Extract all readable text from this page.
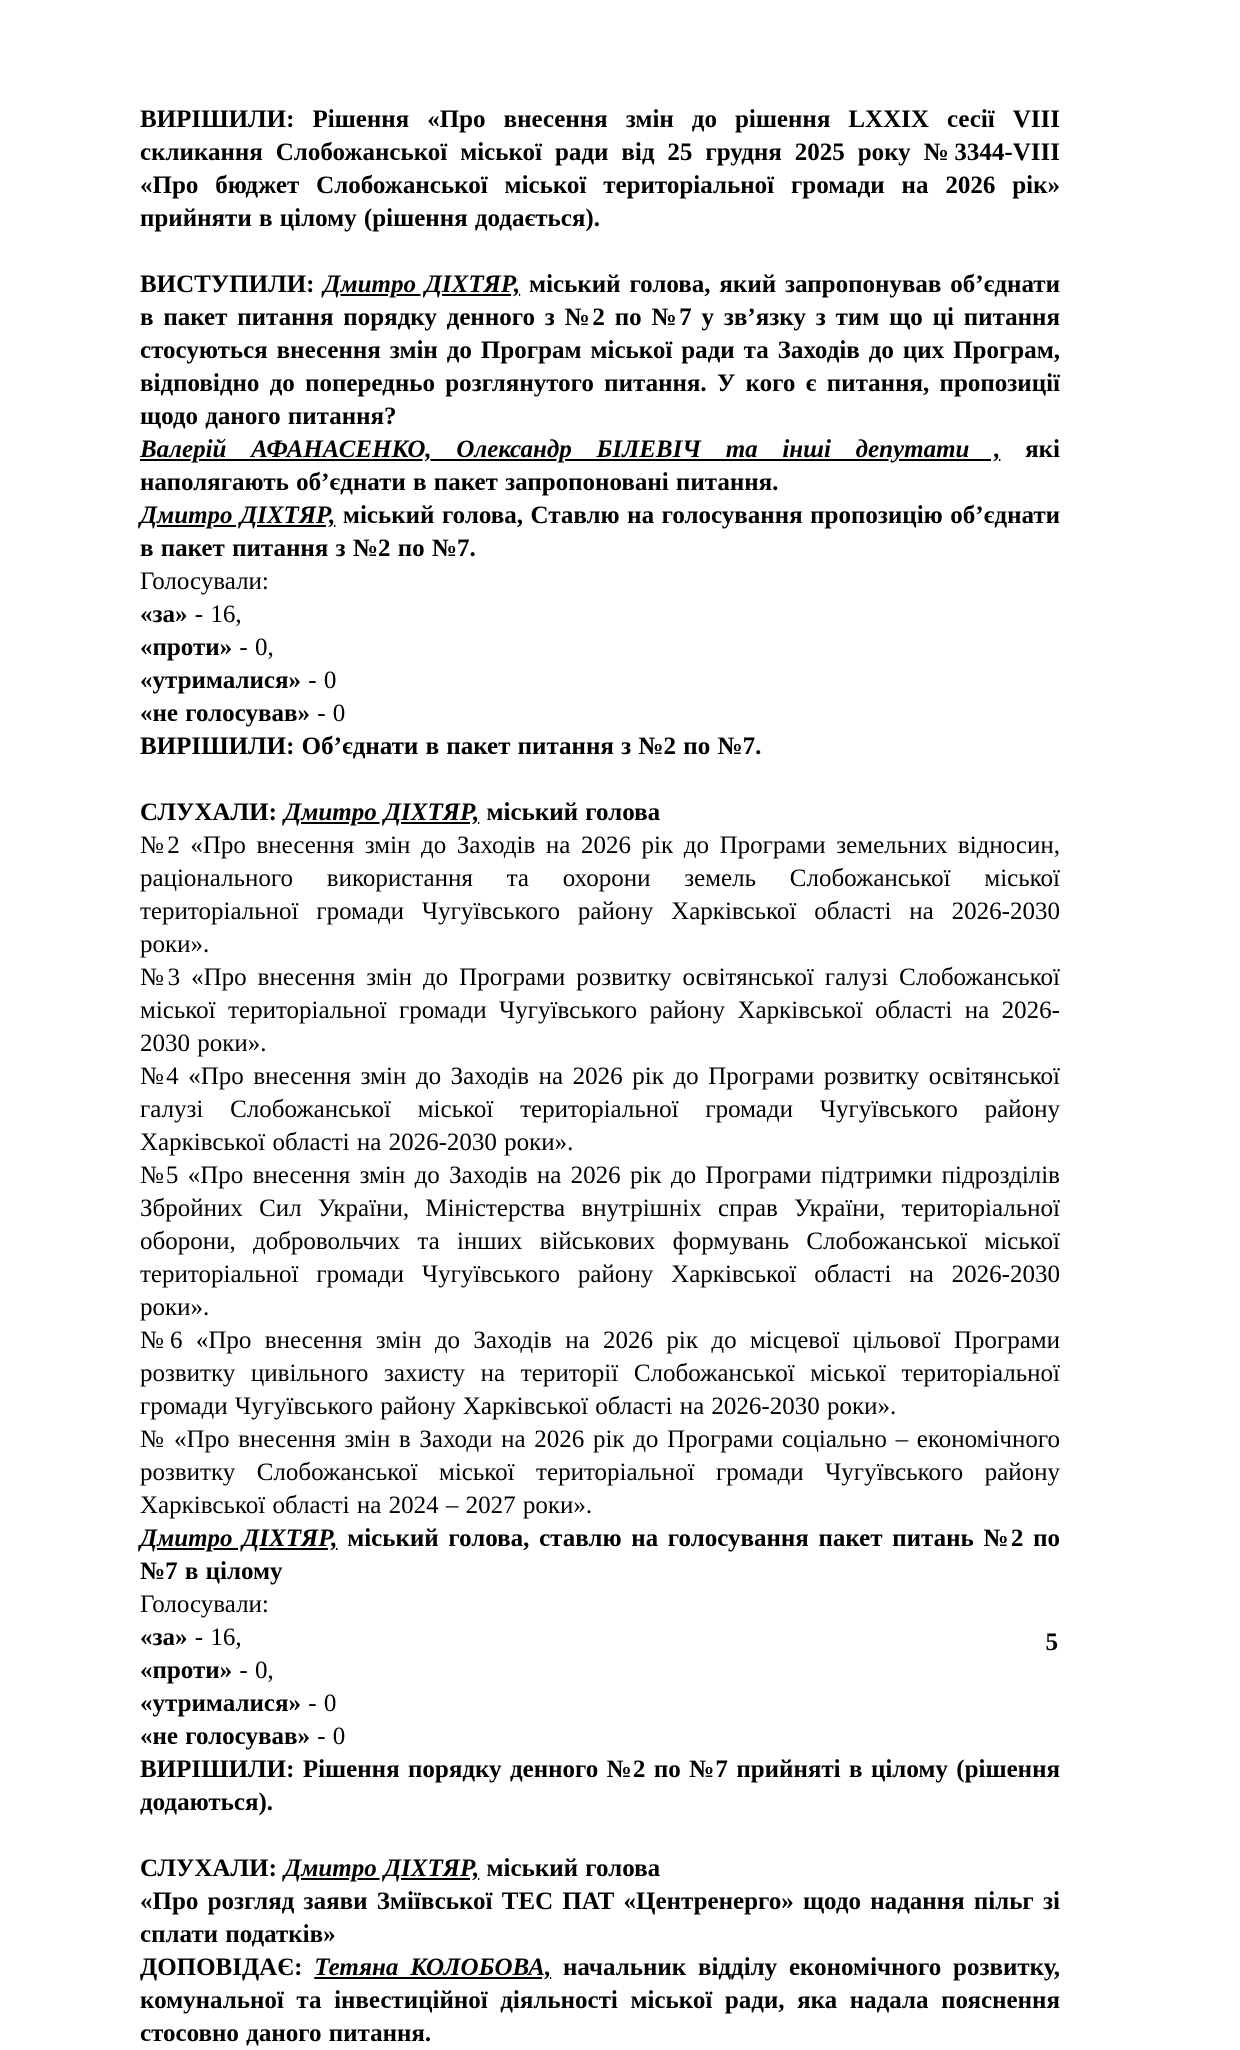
ВИРІШИЛИ: Рішення «Про внесення змін до рішення LXXIX сесії VIII скликання Слобожанської міської ради від 25 грудня 2025 року №3344-VIII «Про бюджет Слобожанської міської територіальної громади на 2026 рік» прийняти в цілому (рішення додається).

ВИСТУПИЛИ: Дмитро ДІХТЯР, міський голова, який запропонував об’єднати в пакет питання порядку денного з №2 по №7 у зв’язку з тим що ці питання стосуються внесення змін до Програм міської ради та Заходів до цих Програм, відповідно до попередньо розглянутого питання. У кого є питання, пропозиції щодо даного питання?

Валерій АФАНАСЕНКО, Олександр БІЛЕВІЧ та інші депутати , які наполягають об’єднати в пакет запропоновані питання.

Дмитро ДІХТЯР, міський голова, Ставлю на голосування пропозицію об’єднати в пакет питання з №2 по №7.

Голосували:

«за» - 16,

«проти» - 0,

«утрималися» - 0

«не голосував» - 0

ВИРІШИЛИ: Об’єднати в пакет питання з №2 по №7.

СЛУХАЛИ: Дмитро ДІХТЯР, міський голова

№2 «Про внесення змін до Заходів на 2026 рік до Програми земельних відносин, раціонального використання та охорони земель Слобожанської міської територіальної громади Чугуївського району Харківської області на 2026-2030 роки».

№3 «Про внесення змін до Програми розвитку освітянської галузі Слобожанської міської територіальної громади Чугуївського району Харківської області на 2026-2030 роки».

№4 «Про внесення змін до Заходів на 2026 рік до Програми розвитку освітянської галузі Слобожанської міської територіальної громади Чугуївського району Харківської області на 2026-2030 роки».

№5 «Про внесення змін до Заходів на 2026 рік до Програми підтримки підрозділів Збройних Сил України, Міністерства внутрішніх справ України, територіальної оборони, добровольчих та інших військових формувань Слобожанської міської територіальної громади Чугуївського району Харківської області на 2026-2030 роки».

№6 «Про внесення змін до Заходів на 2026 рік до місцевої цільової Програми розвитку цивільного захисту на території Слобожанської міської територіальної громади Чугуївського району Харківської області на 2026-2030 роки».

№ «Про внесення змін в Заходи на 2026 рік до Програми соціально – економічного розвитку Слобожанської міської територіальної громади Чугуївського району Харківської області на 2024 – 2027 роки».

Дмитро ДІХТЯР, міський голова, ставлю на голосування пакет питань №2 по №7 в цілому

Голосували:

«за» - 16,

«проти» - 0,

«утрималися» - 0

«не голосував» - 0

ВИРІШИЛИ: Рішення порядку денного №2 по №7 прийняті в цілому (рішення додаються).

СЛУХАЛИ: Дмитро ДІХТЯР, міський голова

«Про розгляд заяви Зміївської ТЕС ПАТ «Центренерго» щодо надання пільг зі сплати податків»

ДОПОВІДАЄ: Тетяна КОЛОБОВА, начальник відділу економічного розвитку, комунальної та інвестиційної діяльності міської ради, яка надала пояснення стосовно даного питання.

5
